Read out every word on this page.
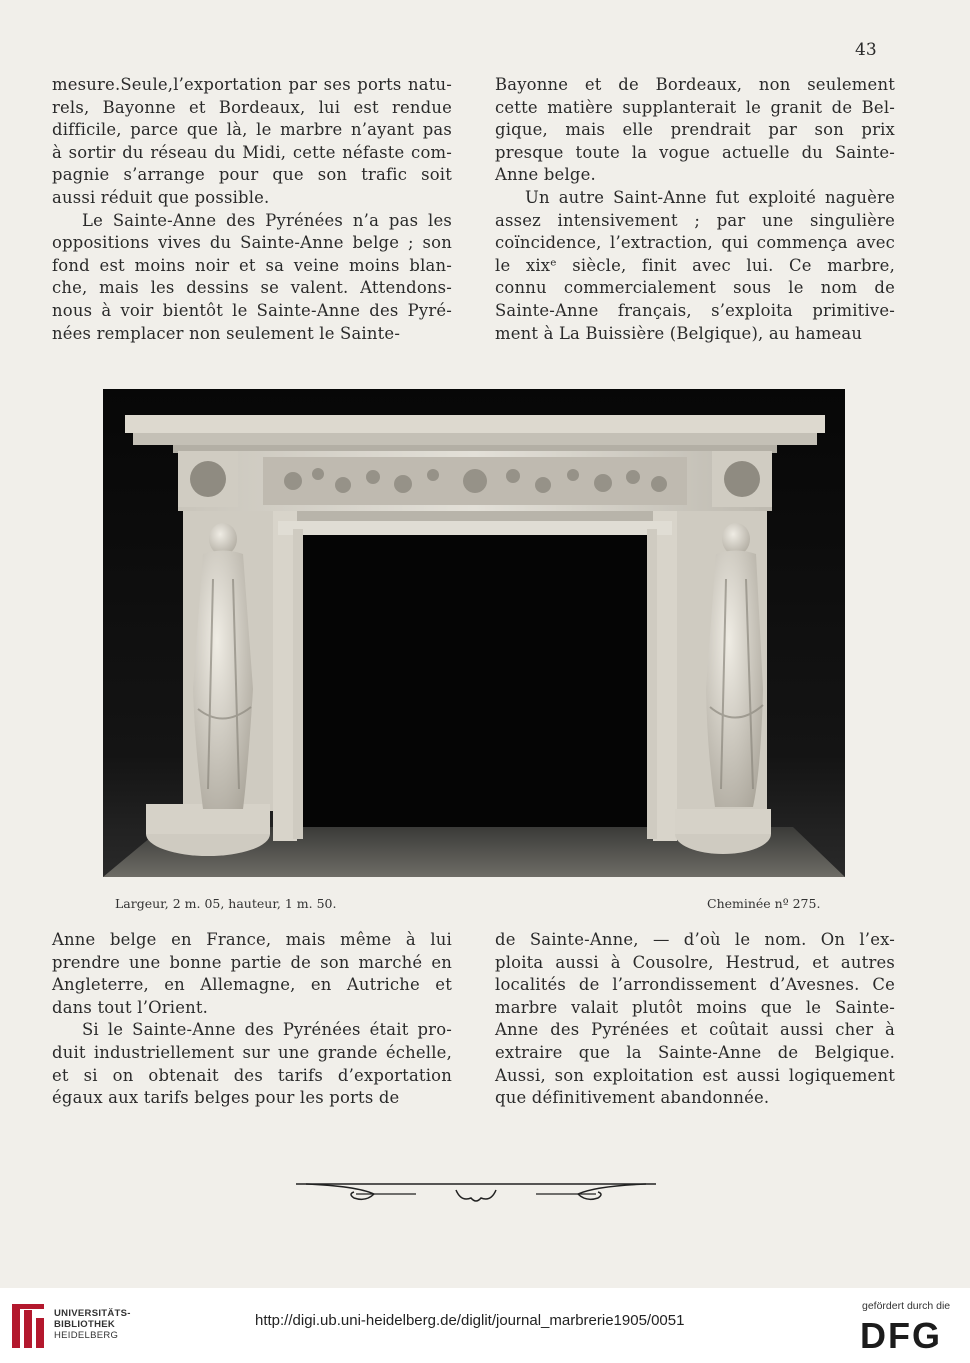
43

mesure.Seule,l’exportation par ses ports natu-
rels, Bayonne et Bordeaux, lui est rendue
difficile, parce que là, le marbre n’ayant pas
à sortir du réseau du Midi, cette néfaste com-
pagnie s’arrange pour que son trafic soit
aussi réduit que possible.

Le Sainte-Anne des Pyrénées n’a pas les
oppositions vives du Sainte-Anne belge ; son
fond est moins noir et sa veine moins blan-
che, mais les dessins se valent. Attendons-
nous à voir bientôt le Sainte-Anne des Pyré-
nées remplacer non seulement le Sainte-

Bayonne et de Bordeaux, non seulement
cette matière supplanterait le granit de Bel-
gique, mais elle prendrait par son prix
presque toute la vogue actuelle du Sainte-
Anne belge.

Un autre Saint-Anne fut exploité naguère
assez intensivement ; par une singulière
coïncidence, l’extraction, qui commença avec
le xixᵉ siècle, finit avec lui. Ce marbre,
connu commercialement sous le nom de
Sainte-Anne français, s’exploita primitive-
ment à La Buissière (Belgique), au hameau

Largeur, 2 m. 05, hauteur, 1 m. 50.	Cheminée nº 275.

Anne belge en France, mais même à lui
prendre une bonne partie de son marché en
Angleterre, en Allemagne, en Autriche et
dans tout l’Orient.

Si le Sainte-Anne des Pyrénées était pro-
duit industriellement sur une grande échelle,
et si on obtenait des tarifs d’exportation
égaux aux tarifs belges pour les ports de

de Sainte-Anne, — d’où le nom. On l’ex-
ploita aussi à Cousolre, Hestrud, et autres
localités de l’arrondissement d’Avesnes. Ce
marbre valait plutôt moins que le Sainte-
Anne des Pyrénées et coûtait aussi cher à
extraire que la Sainte-Anne de Belgique.
Aussi, son exploitation est aussi logiquement
que définitivement abandonnée.

UNIVERSITÄTS-
BIBLIOTHEK
HEIDELBERG
http://digi.ub.uni-heidelberg.de/diglit/journal_marbrerie1905/0051
gefördert durch die
DFG
